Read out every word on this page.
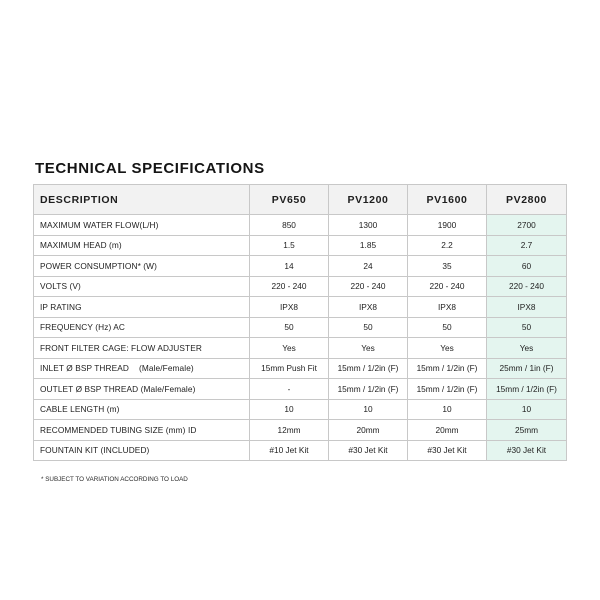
TECHNICAL SPECIFICATIONS
DESCRIPTION	PV650	PV1200	PV1600	PV2800
MAXIMUM WATER FLOW(L/H)	850	1300	1900	2700
MAXIMUM HEAD (m)	1.5	1.85	2.2	2.7
POWER CONSUMPTION* (W)	14	24	35	60
VOLTS (V)	220 - 240	220 - 240	220 - 240	220 - 240
IP RATING	IPX8	IPX8	IPX8	IPX8
FREQUENCY (Hz) AC	50	50	50	50
FRONT FILTER CAGE: FLOW ADJUSTER	Yes	Yes	Yes	Yes
INLET Ø BSP THREAD (Male/Female)	15mm Push Fit	15mm / 1/2in (F)	15mm / 1/2in (F)	25mm / 1in (F)
OUTLET Ø BSP THREAD (Male/Female)	-	15mm / 1/2in (F)	15mm / 1/2in (F)	15mm / 1/2in (F)
CABLE LENGTH (m)	10	10	10	10
RECOMMENDED TUBING SIZE (mm) ID	12mm	20mm	20mm	25mm
FOUNTAIN KIT (INCLUDED)	#10 Jet Kit	#30 Jet Kit	#30 Jet Kit	#30 Jet Kit
* SUBJECT TO VARIATION ACCORDING TO LOAD
